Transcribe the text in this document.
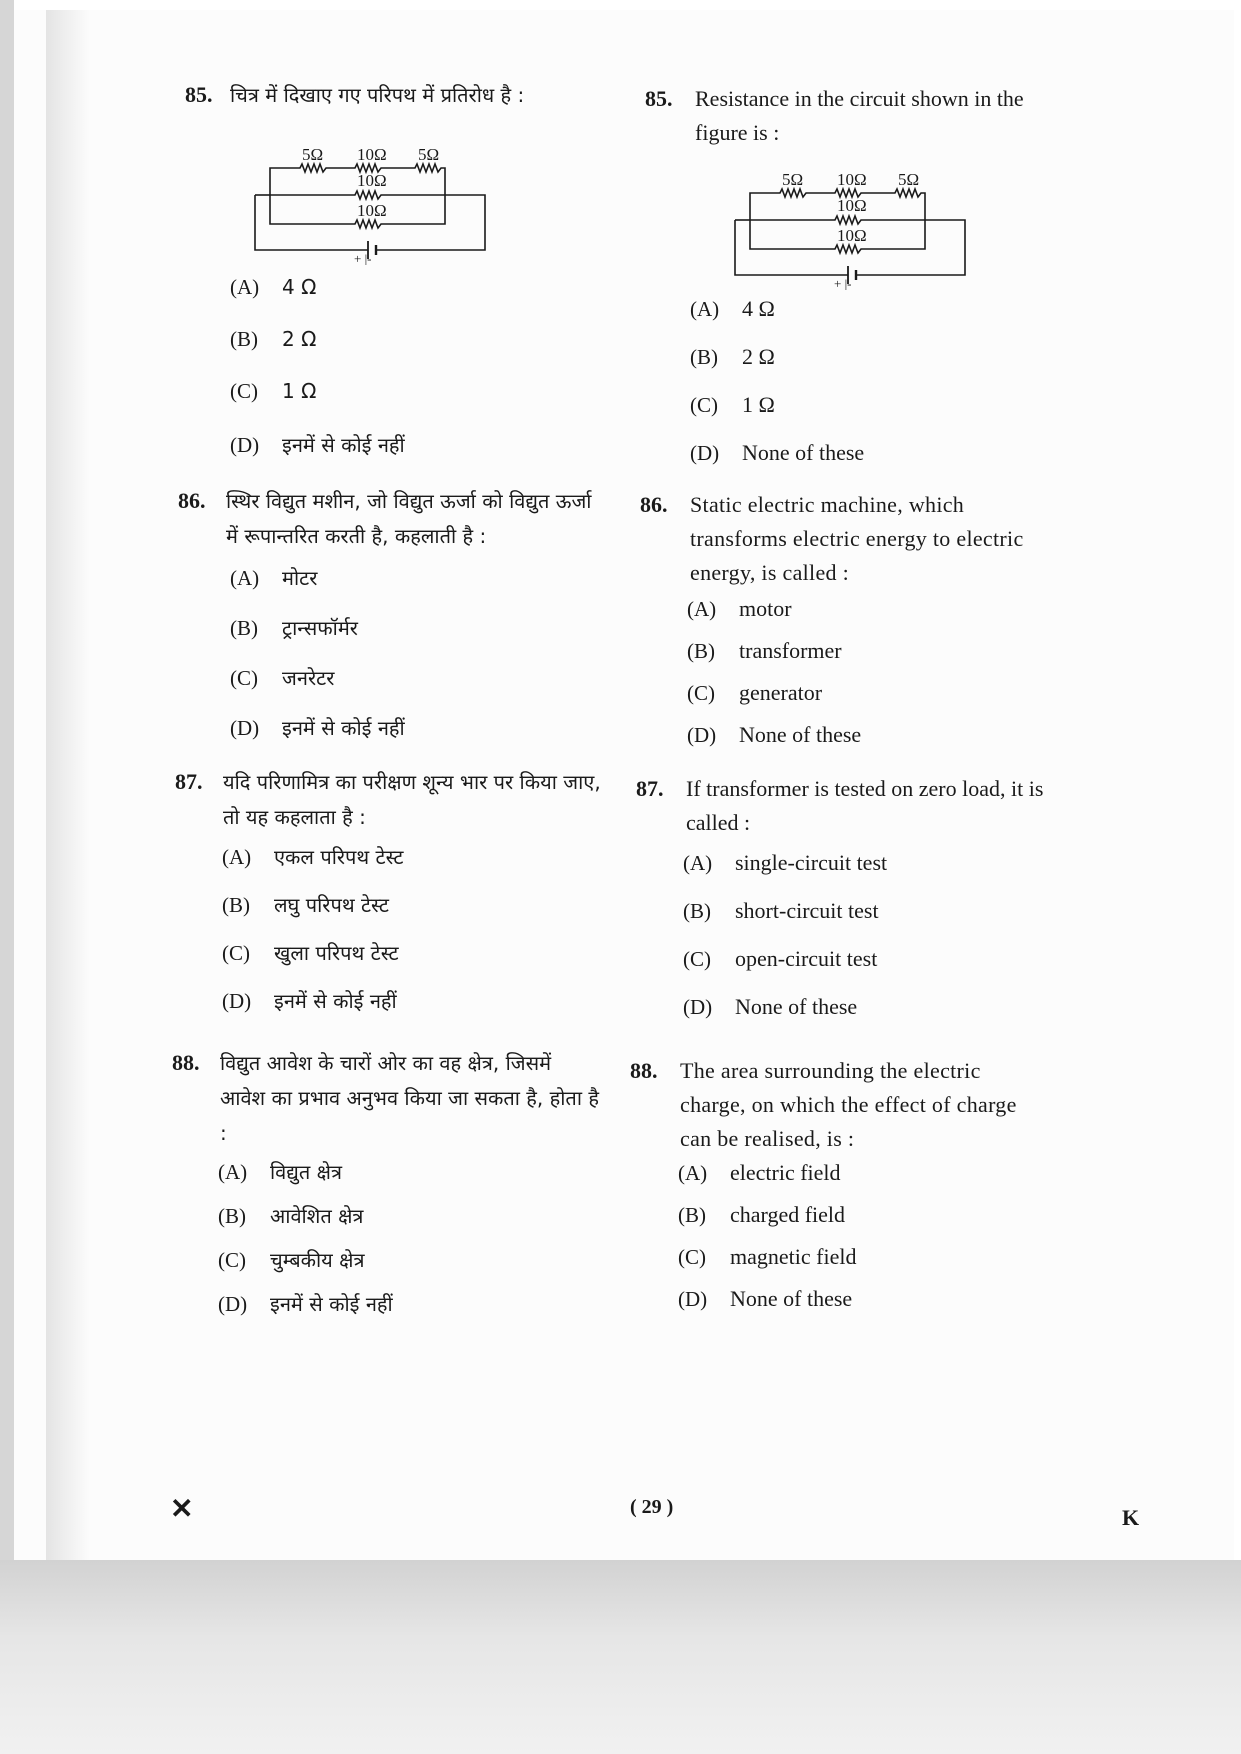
85. चित्र में दिखाए गए परिपथ में प्रतिरोध है :
5Ω 10Ω 5Ω
10Ω
10Ω
+ |-
(A) 4 Ω
(B) 2 Ω
(C) 1 Ω
(D) इनमें से कोई नहीं
86. स्थिर विद्युत मशीन, जो विद्युत ऊर्जा को विद्युत ऊर्जा में रूपान्तरित करती है, कहलाती है :
(A) मोटर
(B) ट्रान्सफॉर्मर
(C) जनरेटर
(D) इनमें से कोई नहीं
87. यदि परिणामित्र का परीक्षण शून्य भार पर किया जाए, तो यह कहलाता है :
(A) एकल परिपथ टेस्ट
(B) लघु परिपथ टेस्ट
(C) खुला परिपथ टेस्ट
(D) इनमें से कोई नहीं
88. विद्युत आवेश के चारों ओर का वह क्षेत्र, जिसमें आवेश का प्रभाव अनुभव किया जा सकता है, होता है :
(A) विद्युत क्षेत्र
(B) आवेशित क्षेत्र
(C) चुम्बकीय क्षेत्र
(D) इनमें से कोई नहीं
85. Resistance in the circuit shown in the figure is :
5Ω 10Ω 5Ω
10Ω
10Ω
+ |-
(A) 4 Ω
(B) 2 Ω
(C) 1 Ω
(D) None of these
86. Static electric machine, which transforms electric energy to electric energy, is called :
(A) motor
(B) transformer
(C) generator
(D) None of these
87. If transformer is tested on zero load, it is called :
(A) single-circuit test
(B) short-circuit test
(C) open-circuit test
(D) None of these
88. The area surrounding the electric charge, on which the effect of charge can be realised, is :
(A) electric field
(B) charged field
(C) magnetic field
(D) None of these
✕	( 29 )	K
